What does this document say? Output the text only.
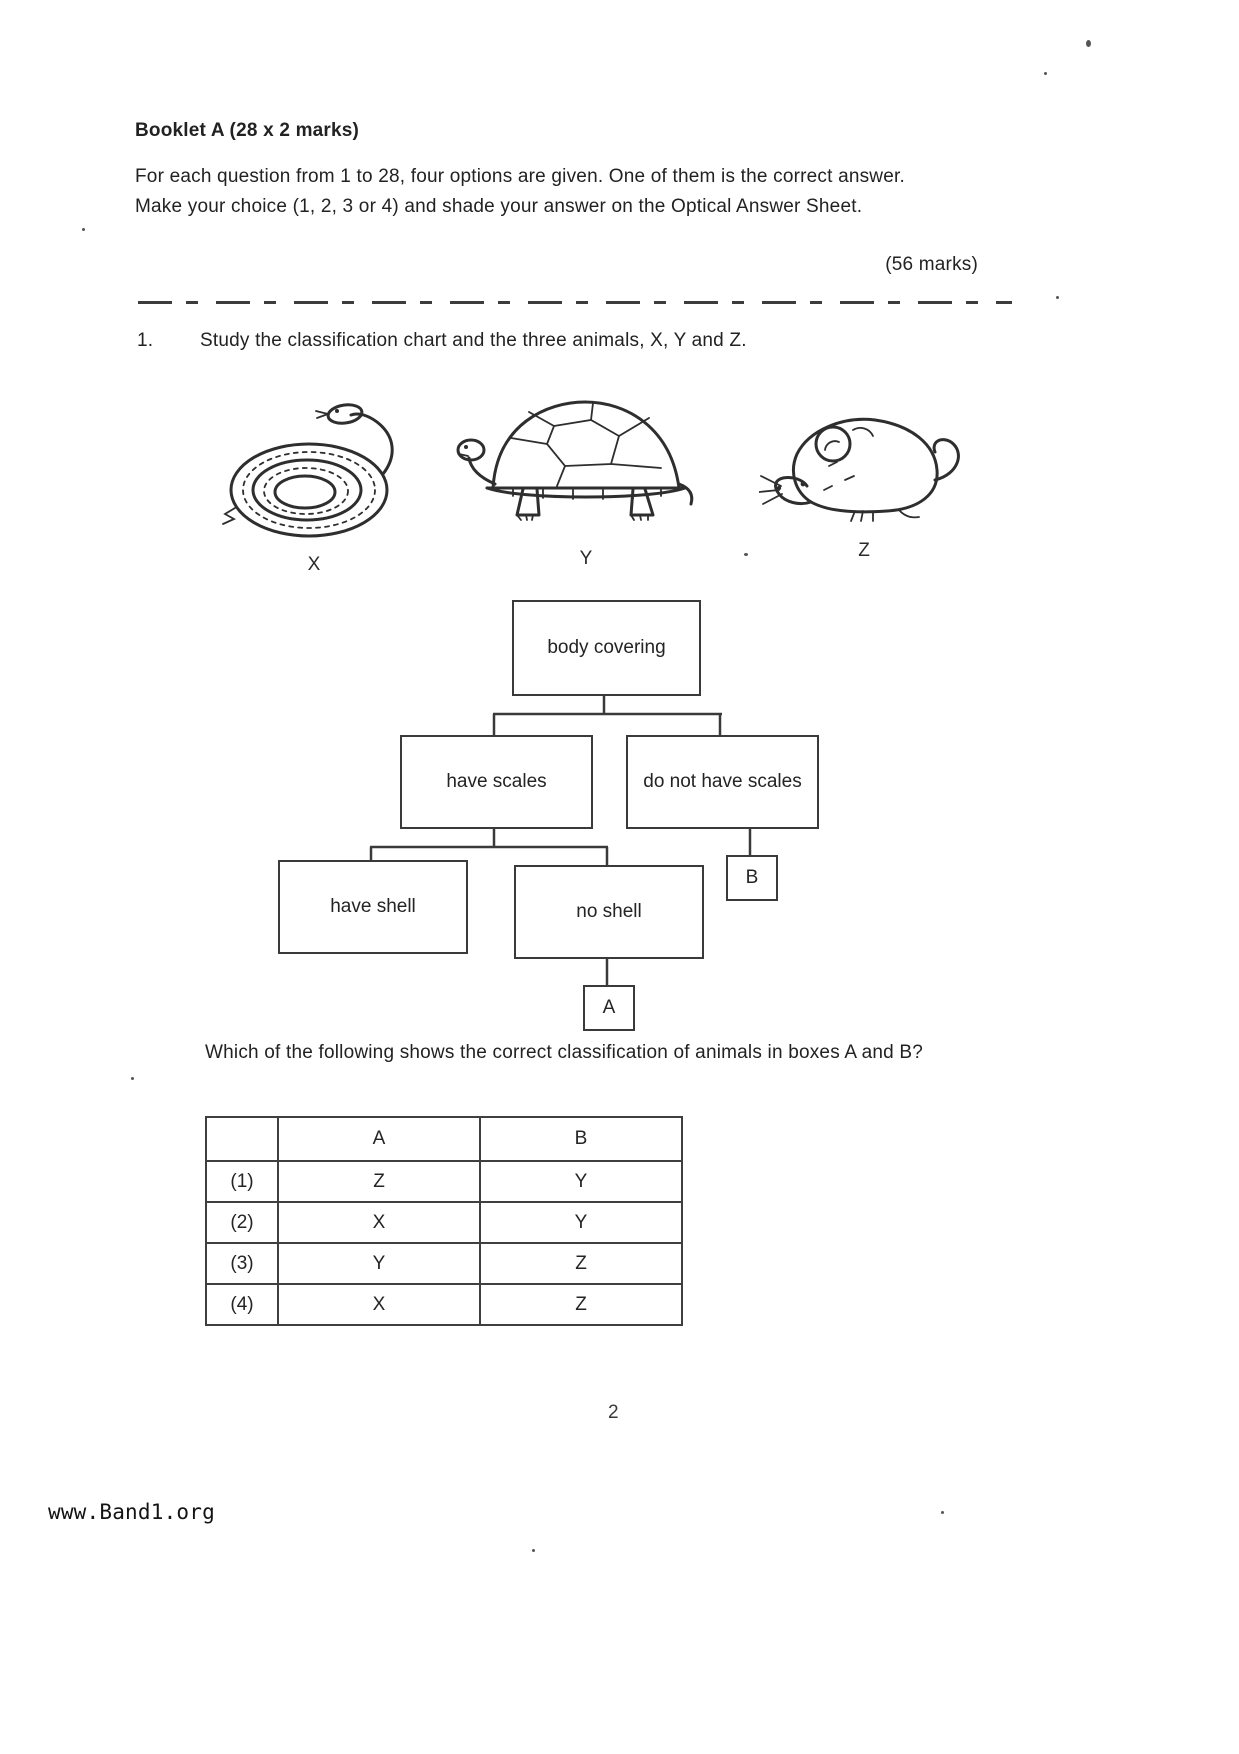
Booklet A (28 x 2 marks)
For each question from 1 to 28, four options are given. One of them is the correct answer.
Make your choice (1, 2, 3 or 4) and shade your answer on the Optical Answer Sheet.
(56 marks)
1. Study the classification chart and the three animals, X, Y and Z.
X	Y	Z
body covering
have scales	do not have scales
have shell	no shell
B
A
Which of the following shows the correct classification of animals in boxes A and B?
	A	B
(1)	Z	Y
(2)	X	Y
(3)	Y	Z
(4)	X	Z
2
www.Band1.org
